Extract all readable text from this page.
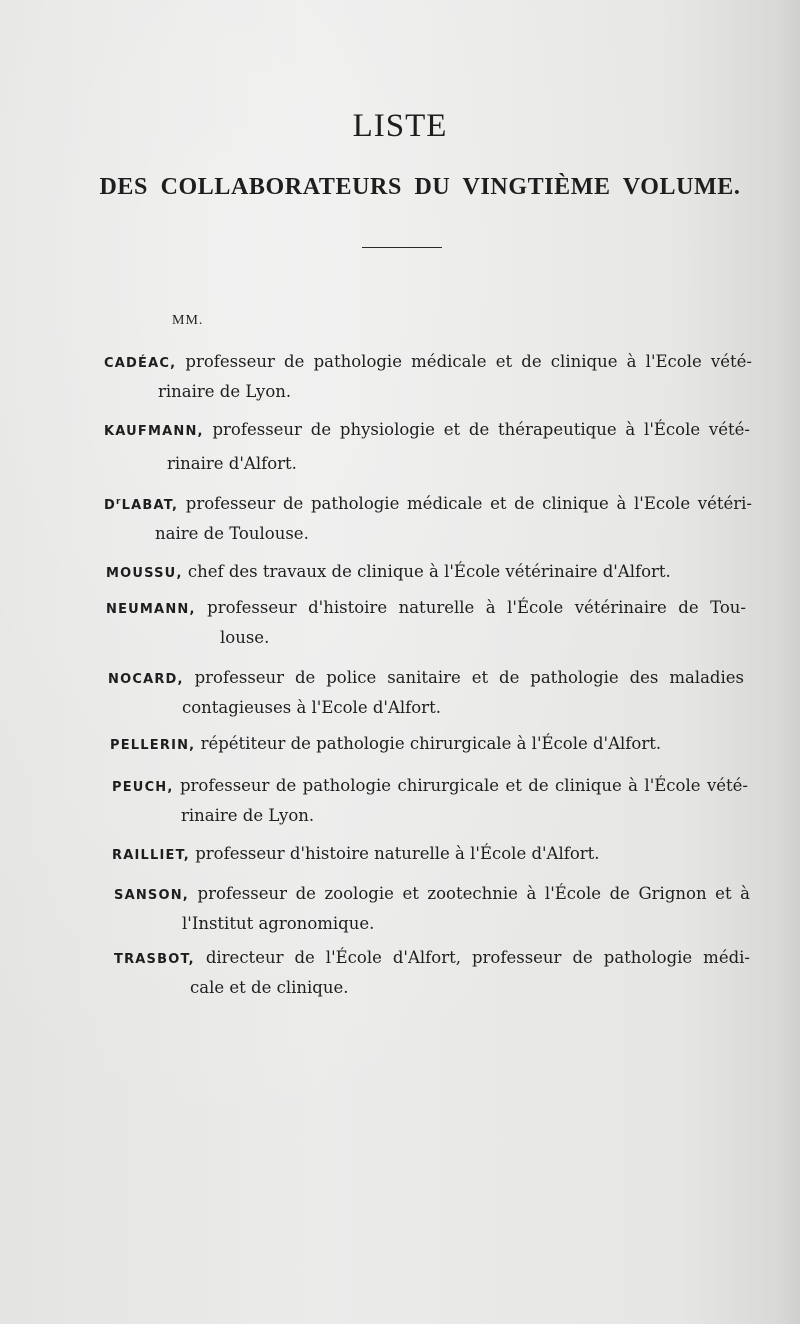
LISTE
DES COLLABORATEURS DU VINGTIÈME VOLUME.
MM.
CADÉAC, professeur de pathologie médicale et de clinique à l'Ecole vété-
rinaire de Lyon.
KAUFMANN, professeur de physiologie et de thérapeutique à l'École vété-
rinaire d'Alfort.
$D^rLABAT$, professeur de pathologie médicale et de clinique à l'Ecole vétéri-
naire de Toulouse.
MOUSSU, chef des travaux de clinique à l'École vétérinaire d'Alfort.
NEUMANN, professeur d'histoire naturelle à l'École vétérinaire de Tou-
louse.
NOCARD, professeur de police sanitaire et de pathologie des maladies
contagieuses à l'Ecole d'Alfort.
PELLERIN, répétiteur de pathologie chirurgicale à l'École d'Alfort.
PEUCH, professeur de pathologie chirurgicale et de clinique à l'École vété-
rinaire de Lyon.
RAILLIET, professeur d'histoire naturelle à l'École d'Alfort.
SANSON, professeur de zoologie et zootechnie à l'École de Grignon et à
l'Institut agronomique.
TRASBOT, directeur de l'École d'Alfort, professeur de pathologie médi-
cale et de clinique.
